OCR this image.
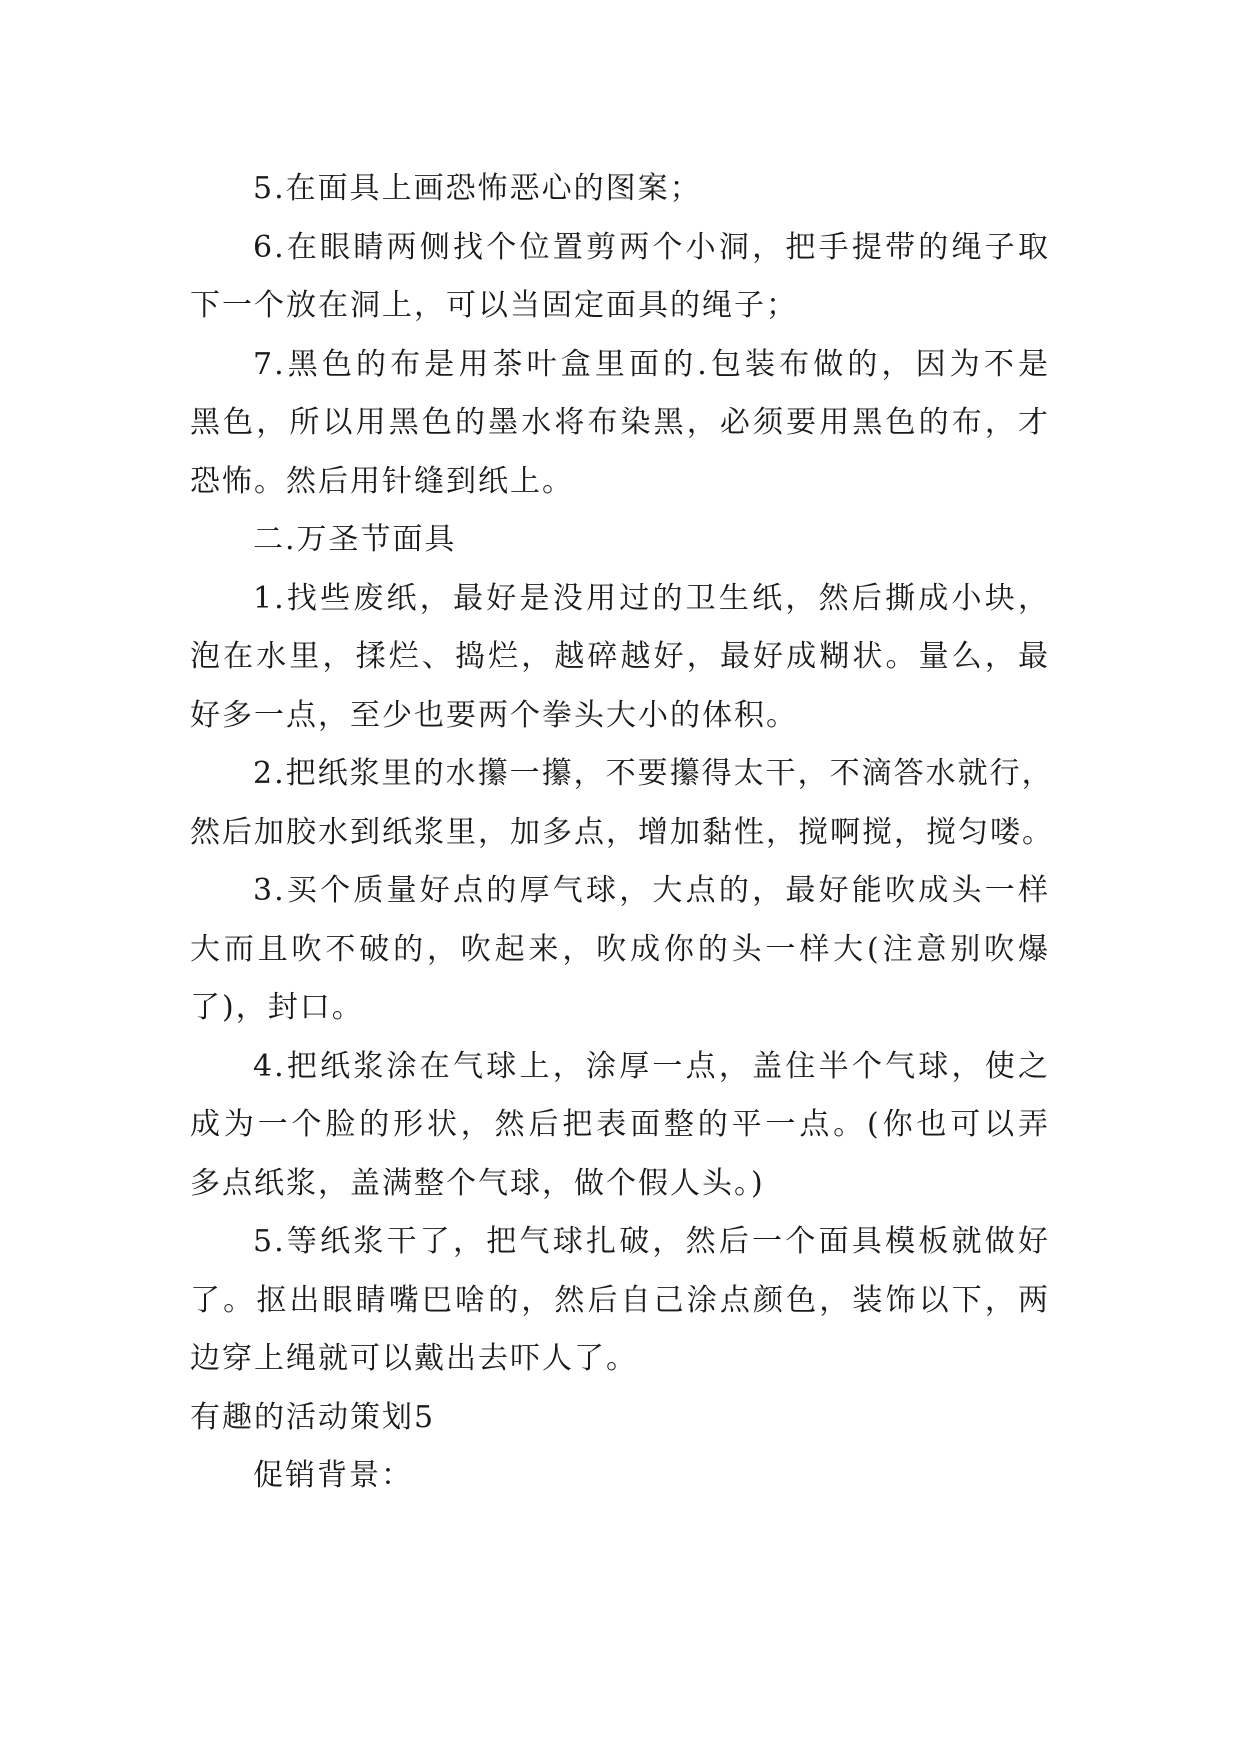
5.在面具上画恐怖恶心的图案；
6.在眼睛两侧找个位置剪两个小洞，把手提带的绳子取
下一个放在洞上，可以当固定面具的绳子；
7.黑色的布是用茶叶盒里面的.包装布做的，因为不是
黑色，所以用黑色的墨水将布染黑，必须要用黑色的布，才
恐怖。然后用针缝到纸上。
二.万圣节面具
1.找些废纸，最好是没用过的卫生纸，然后撕成小块，
泡在水里，揉烂、捣烂，越碎越好，最好成糊状。量么，最
好多一点，至少也要两个拳头大小的体积。
2.把纸浆里的水攥一攥，不要攥得太干，不滴答水就行，
然后加胶水到纸浆里，加多点，增加黏性，搅啊搅，搅匀喽。
3.买个质量好点的厚气球，大点的，最好能吹成头一样
大而且吹不破的，吹起来，吹成你的头一样大(注意别吹爆
了)，封口。
4.把纸浆涂在气球上，涂厚一点，盖住半个气球，使之
成为一个脸的形状，然后把表面整的平一点。(你也可以弄
多点纸浆，盖满整个气球，做个假人头。)
5.等纸浆干了，把气球扎破，然后一个面具模板就做好
了。抠出眼睛嘴巴啥的，然后自己涂点颜色，装饰以下，两
边穿上绳就可以戴出去吓人了。
有趣的活动策划5
促销背景：
